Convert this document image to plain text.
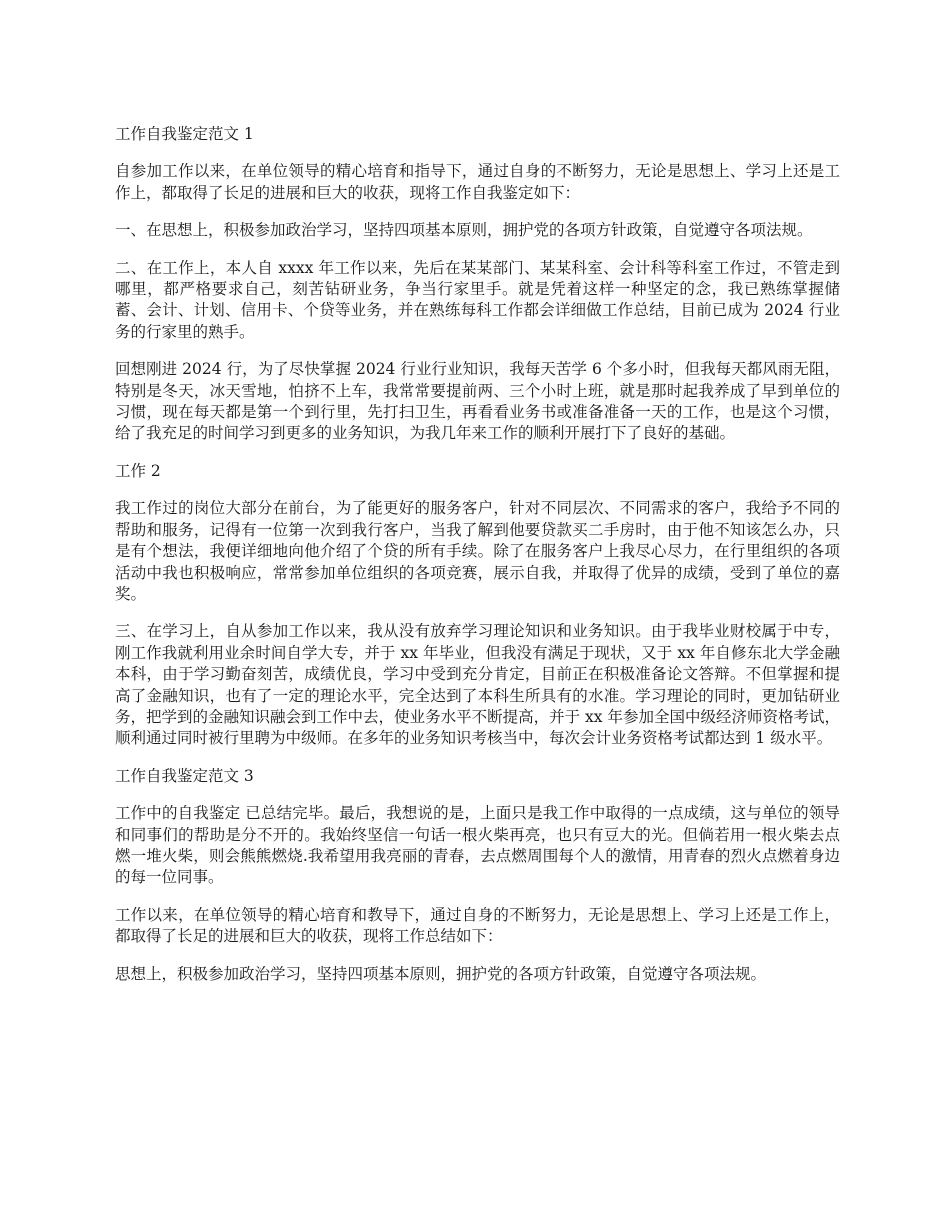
工作自我鉴定范文 1

自参加工作以来，在单位领导的精心培育和指导下，通过自身的不断努力，无论是思想上、学习上还是工作上，都取得了长足的进展和巨大的收获，现将工作自我鉴定如下：

一、在思想上，积极参加政治学习，坚持四项基本原则，拥护党的各项方针政策，自觉遵守各项法规。

二、在工作上，本人自 xxxx 年工作以来，先后在某某部门、某某科室、会计科等科室工作过，不管走到哪里，都严格要求自己，刻苦钻研业务，争当行家里手。就是凭着这样一种坚定的念，我已熟练掌握储蓄、会计、计划、信用卡、个贷等业务，并在熟练每科工作都会详细做工作总结，目前已成为 2024 行业务的行家里的熟手。

回想刚进 2024 行，为了尽快掌握 2024 行业行业知识，我每天苦学 6 个多小时，但我每天都风雨无阻，特别是冬天，冰天雪地，怕挤不上车，我常常要提前两、三个小时上班，就是那时起我养成了早到单位的习惯，现在每天都是第一个到行里，先打扫卫生，再看看业务书或准备准备一天的工作，也是这个习惯，给了我充足的时间学习到更多的业务知识，为我几年来工作的顺利开展打下了良好的基础。

工作 2

我工作过的岗位大部分在前台，为了能更好的服务客户，针对不同层次、不同需求的客户，我给予不同的帮助和服务，记得有一位第一次到我行客户，当我了解到他要贷款买二手房时，由于他不知该怎么办，只是有个想法，我便详细地向他介绍了个贷的所有手续。除了在服务客户上我尽心尽力，在行里组织的各项活动中我也积极响应，常常参加单位组织的各项竞赛，展示自我，并取得了优异的成绩，受到了单位的嘉奖。

三、在学习上，自从参加工作以来，我从没有放弃学习理论知识和业务知识。由于我毕业财校属于中专，刚工作我就利用业余时间自学大专，并于 xx 年毕业，但我没有满足于现状，又于 xx 年自修东北大学金融本科，由于学习勤奋刻苦，成绩优良，学习中受到充分肯定，目前正在积极准备论文答辩。不但掌握和提高了金融知识，也有了一定的理论水平，完全达到了本科生所具有的水准。学习理论的同时，更加钻研业务，把学到的金融知识融会到工作中去，使业务水平不断提高，并于 xx 年参加全国中级经济师资格考试，顺利通过同时被行里聘为中级师。在多年的业务知识考核当中，每次会计业务资格考试都达到 1 级水平。

工作自我鉴定范文 3

工作中的自我鉴定 已总结完毕。最后，我想说的是，上面只是我工作中取得的一点成绩，这与单位的领导和同事们的帮助是分不开的。我始终坚信一句话一根火柴再亮，也只有豆大的光。但倘若用一根火柴去点燃一堆火柴，则会熊熊燃烧.我希望用我亮丽的青春，去点燃周围每个人的激情，用青春的烈火点燃着身边的每一位同事。

工作以来，在单位领导的精心培育和教导下，通过自身的不断努力，无论是思想上、学习上还是工作上，都取得了长足的进展和巨大的收获，现将工作总结如下：

思想上，积极参加政治学习，坚持四项基本原则，拥护党的各项方针政策，自觉遵守各项法规。
